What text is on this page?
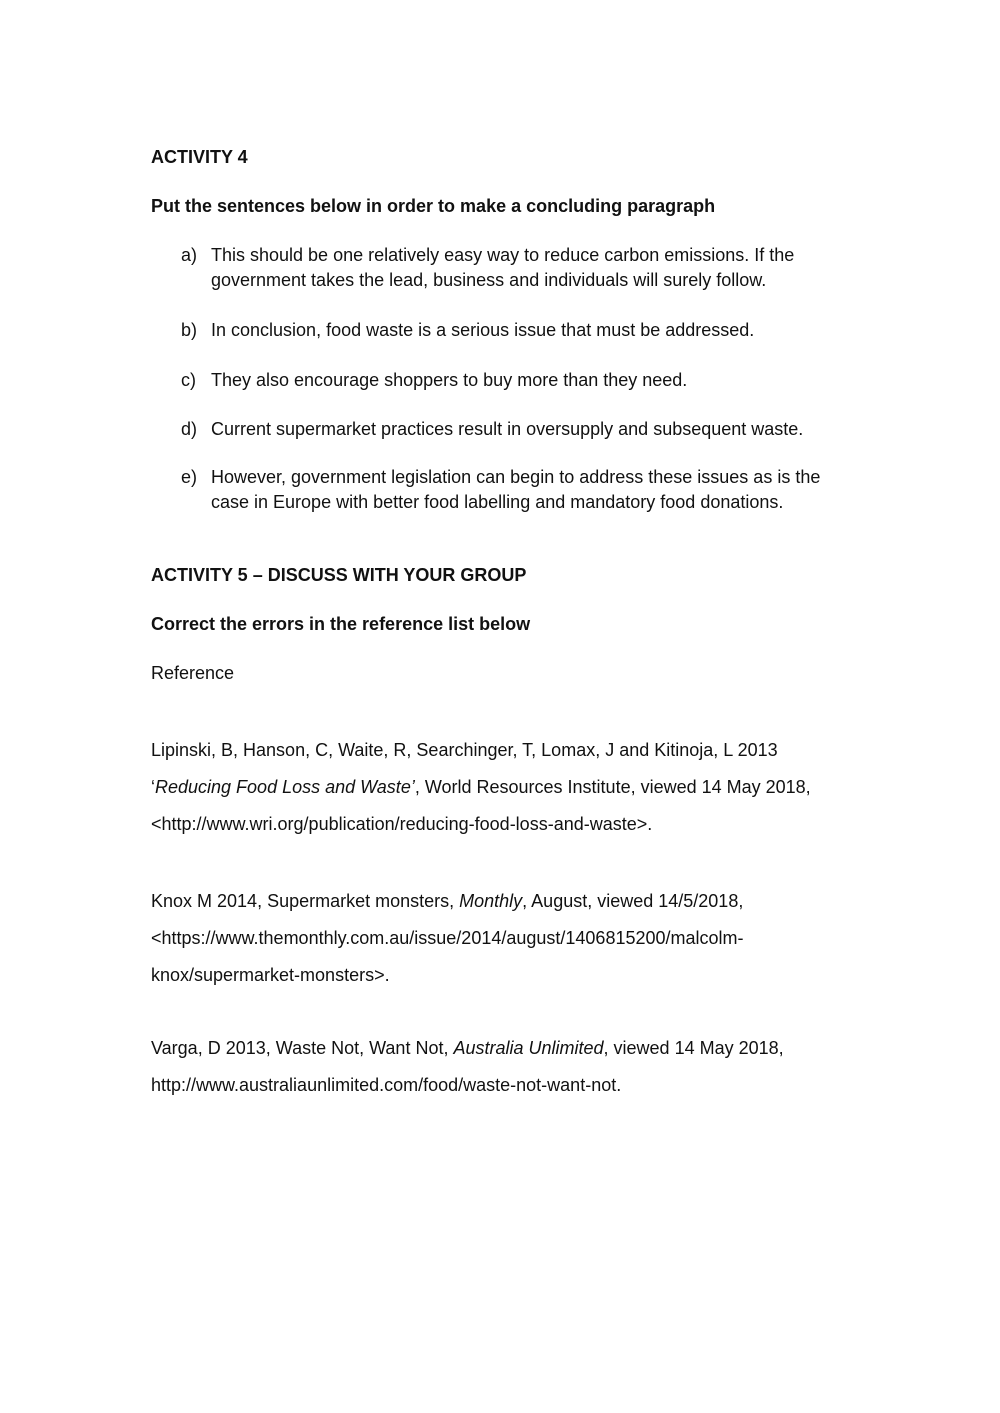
ACTIVITY 4
Put the sentences below in order to make a concluding paragraph
a) This should be one relatively easy way to reduce carbon emissions. If the government takes the lead, business and individuals will surely follow.
b) In conclusion, food waste is a serious issue that must be addressed.
c) They also encourage shoppers to buy more than they need.
d) Current supermarket practices result in oversupply and subsequent waste.
e) However, government legislation can begin to address these issues as is the case in Europe with better food labelling and mandatory food donations.
ACTIVITY 5 – DISCUSS WITH YOUR GROUP
Correct the errors in the reference list below
Reference
Lipinski, B, Hanson, C, Waite, R, Searchinger, T, Lomax, J and Kitinoja, L 2013
‘Reducing Food Loss and Waste’, World Resources Institute, viewed 14 May 2018,
<http://www.wri.org/publication/reducing-food-loss-and-waste>.
Knox M 2014, Supermarket monsters, Monthly, August, viewed 14/5/2018,
<https://www.themonthly.com.au/issue/2014/august/1406815200/malcolm-
knox/supermarket-monsters>.
Varga, D 2013, Waste Not, Want Not, Australia Unlimited, viewed 14 May 2018,
http://www.australiaunlimited.com/food/waste-not-want-not.
